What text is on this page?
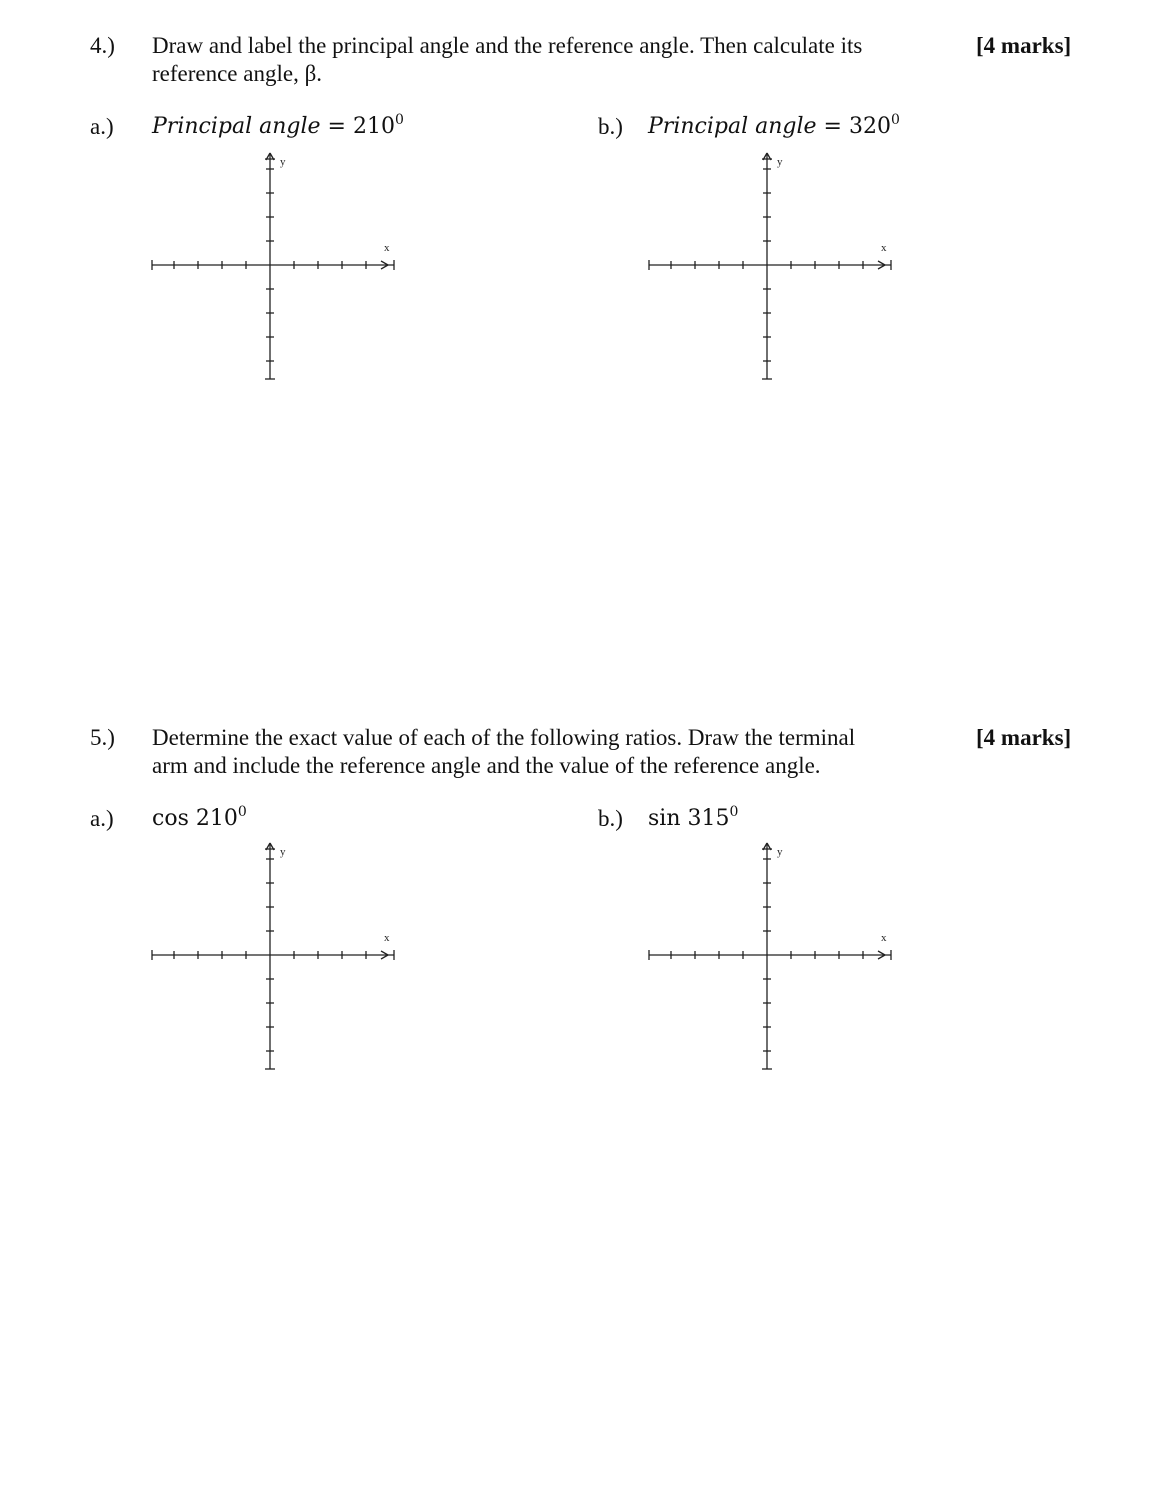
4.) Draw and label the principal angle and the reference angle. Then calculate its
reference angle, β.
[4 marks]
a.) Principal angle = $210^0$	b.) Principal angle = $320^0$
x
y
x
y
x
y
x
y
5.) Determine the exact value of each of the following ratios. Draw the terminal
arm and include the reference angle and the value of the reference angle.
[4 marks]
a.) $\cos 210^0$	b.) $\sin 315^0$
